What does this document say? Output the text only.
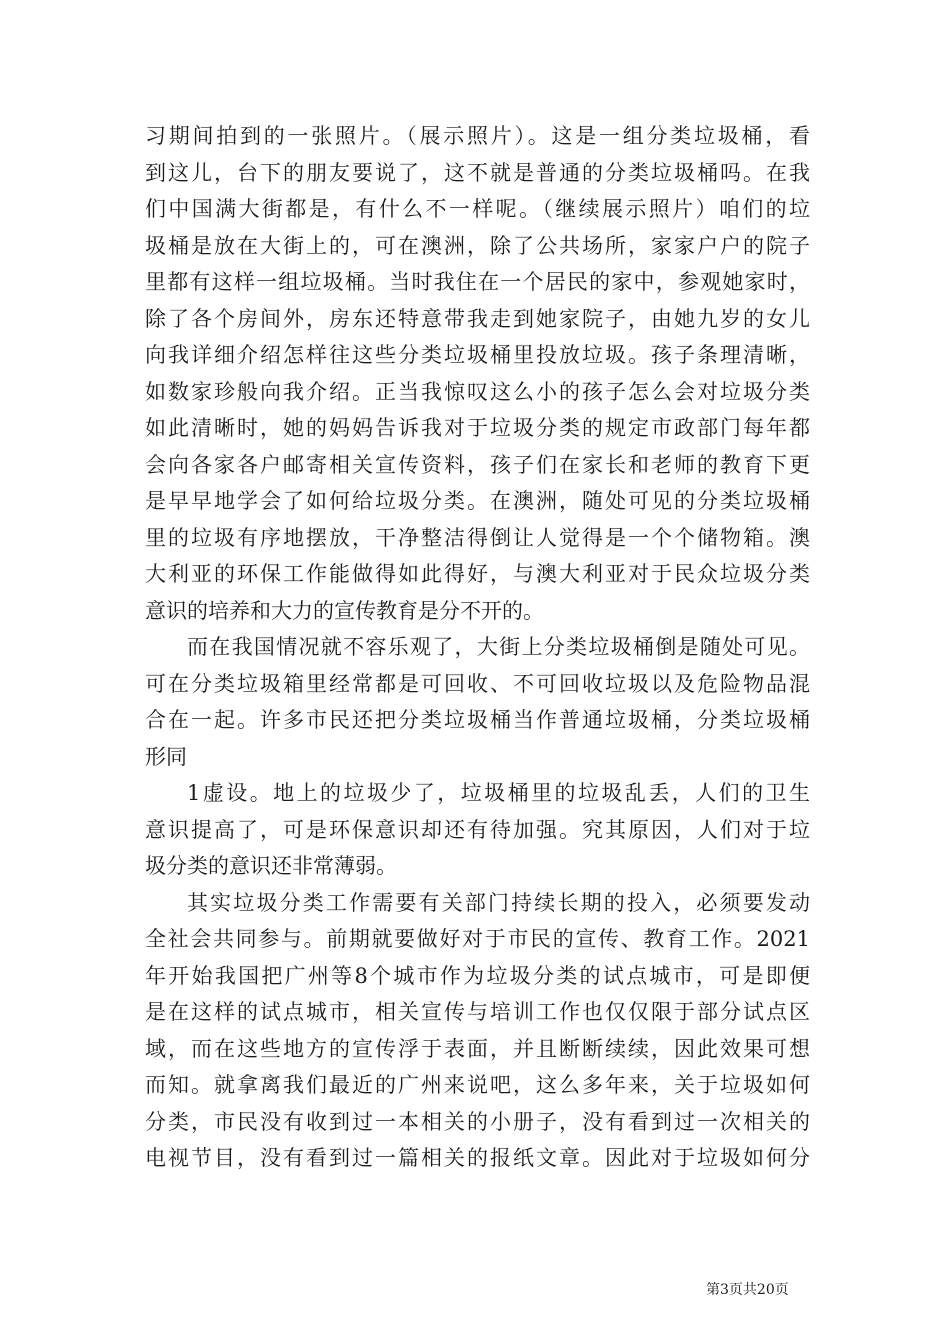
习期间拍到的一张照片。（展示照片）。这是一组分类垃圾桶，看
到这儿，台下的朋友要说了，这不就是普通的分类垃圾桶吗。在我
们中国满大街都是，有什么不一样呢。（继续展示照片）咱们的垃
圾桶是放在大街上的，可在澳洲，除了公共场所，家家户户的院子
里都有这样一组垃圾桶。当时我住在一个居民的家中，参观她家时，
除了各个房间外，房东还特意带我走到她家院子，由她九岁的女儿
向我详细介绍怎样往这些分类垃圾桶里投放垃圾。孩子条理清晰，
如数家珍般向我介绍。正当我惊叹这么小的孩子怎么会对垃圾分类
如此清晰时，她的妈妈告诉我对于垃圾分类的规定市政部门每年都
会向各家各户邮寄相关宣传资料，孩子们在家长和老师的教育下更
是早早地学会了如何给垃圾分类。在澳洲，随处可见的分类垃圾桶
里的垃圾有序地摆放，干净整洁得倒让人觉得是一个个储物箱。澳
大利亚的环保工作能做得如此得好，与澳大利亚对于民众垃圾分类
意识的培养和大力的宣传教育是分不开的。
而在我国情况就不容乐观了，大街上分类垃圾桶倒是随处可见。
可在分类垃圾箱里经常都是可回收、不可回收垃圾以及危险物品混
合在一起。许多市民还把分类垃圾桶当作普通垃圾桶，分类垃圾桶
形同
1虚设。地上的垃圾少了，垃圾桶里的垃圾乱丢，人们的卫生
意识提高了，可是环保意识却还有待加强。究其原因，人们对于垃
圾分类的意识还非常薄弱。
其实垃圾分类工作需要有关部门持续长期的投入，必须要发动
全社会共同参与。前期就要做好对于市民的宣传、教育工作。2021
年开始我国把广州等8个城市作为垃圾分类的试点城市，可是即便
是在这样的试点城市，相关宣传与培训工作也仅仅限于部分试点区
域，而在这些地方的宣传浮于表面，并且断断续续，因此效果可想
而知。就拿离我们最近的广州来说吧，这么多年来，关于垃圾如何
分类，市民没有收到过一本相关的小册子，没有看到过一次相关的
电视节目，没有看到过一篇相关的报纸文章。因此对于垃圾如何分
第3页共20页
